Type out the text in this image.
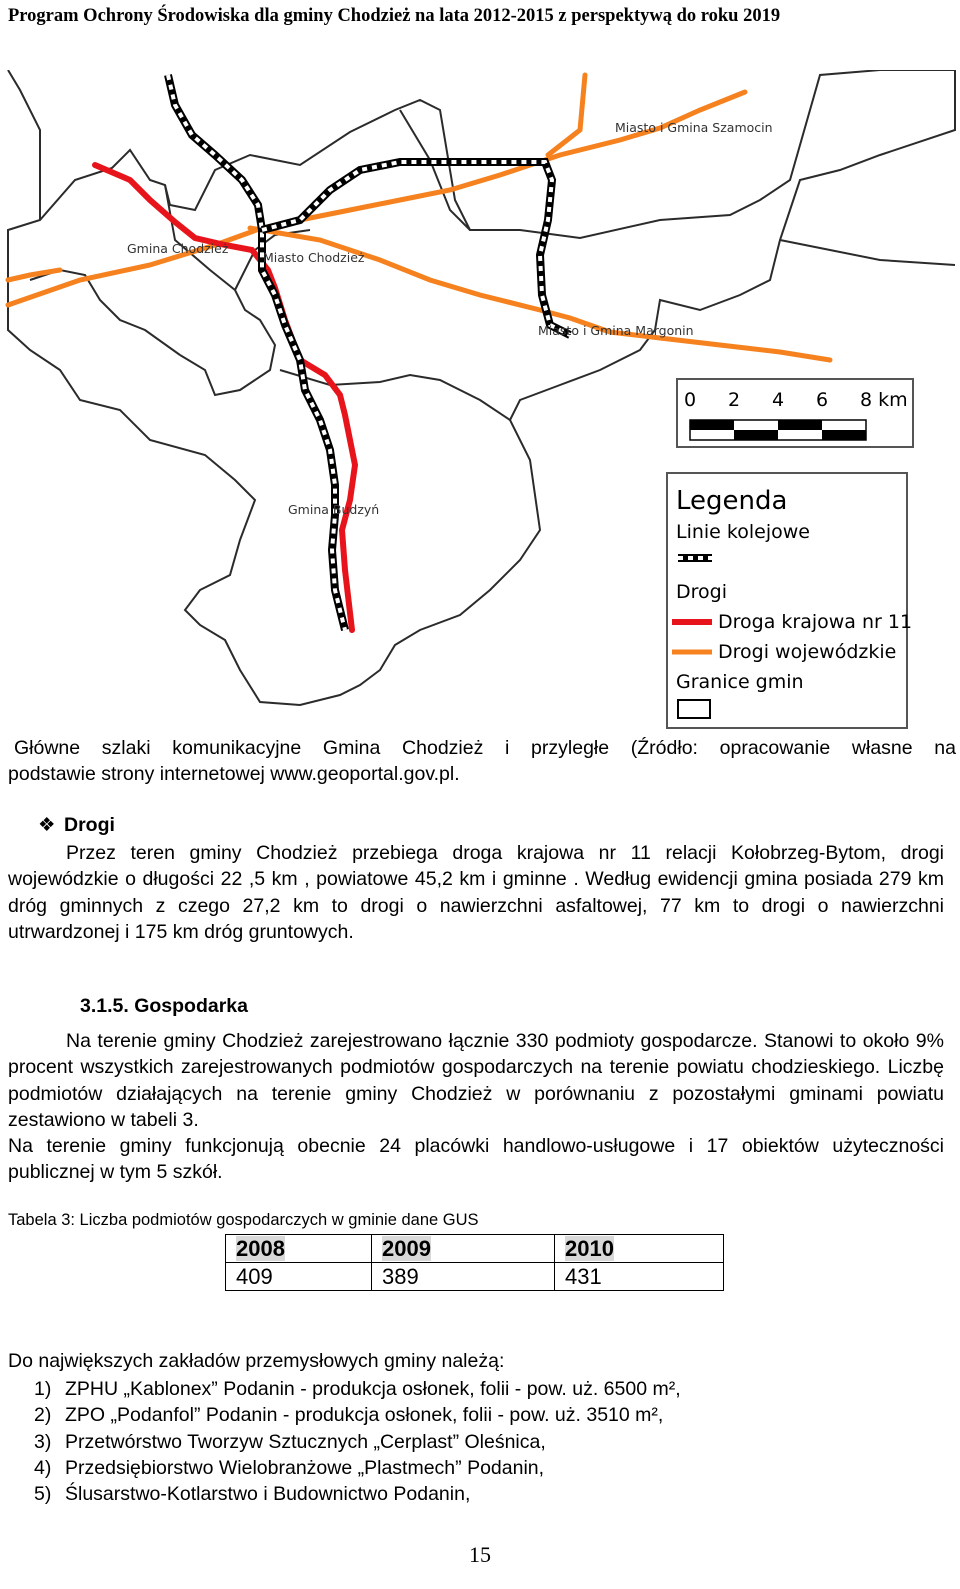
Program Ochrony Środowiska dla gminy Chodzież na lata 2012-2015 z perspektywą do roku 2019
Miasto i Gmina Szamocin
Gmina Chodzież
Miasto Chodzież
Miasto i Gmina Margonin
Gmina Budzyń
0 2 4 6 8 km
Legenda
Linie kolejowe
Drogi
Droga krajowa nr 11
Drogi wojewódzkie
Granice gmin
Główne szlaki komunikacyjne Gmina Chodzież i przyległe (Źródło: opracowanie własne na
podstawie strony internetowej www.geoportal.gov.pl.
❖ Drogi
Przez teren gminy Chodzież przebiega droga krajowa nr 11 relacji Kołobrzeg-Bytom, drogi wojewódzkie o długości 22 ,5 km , powiatowe 45,2 km i gminne . Według ewidencji gmina posiada 279 km dróg gminnych z czego 27,2 km to drogi o nawierzchni asfaltowej, 77 km to drogi o nawierzchni utrwardzonej i 175 km dróg gruntowych.
3.1.5. Gospodarka
Na terenie gminy Chodzież zarejestrowano łącznie 330 podmioty gospodarcze. Stanowi to około 9% procent wszystkich zarejestrowanych podmiotów gospodarczych na terenie powiatu chodzieskiego. Liczbę podmiotów działających na terenie gminy Chodzież w porównaniu z pozostałymi gminami powiatu zestawiono w tabeli 3.
Na terenie gminy funkcjonują obecnie 24 placówki handlowo-usługowe i 17 obiektów użyteczności publicznej w tym 5 szkół.
Tabela 3: Liczba podmiotów gospodarczych w gminie dane GUS
2008	2009	2010
409	389	431
Do największych zakładów przemysłowych gminy należą:
1) ZPHU „Kablonex” Podanin - produkcja osłonek, folii - pow. uż. 6500 m²,
2) ZPO „Podanfol” Podanin - produkcja osłonek, folii - pow. uż. 3510 m²,
3) Przetwórstwo Tworzyw Sztucznych „Cerplast” Oleśnica,
4) Przedsiębiorstwo Wielobranżowe „Plastmech” Podanin,
5) Ślusarstwo-Kotlarstwo i Budownictwo Podanin,
15
